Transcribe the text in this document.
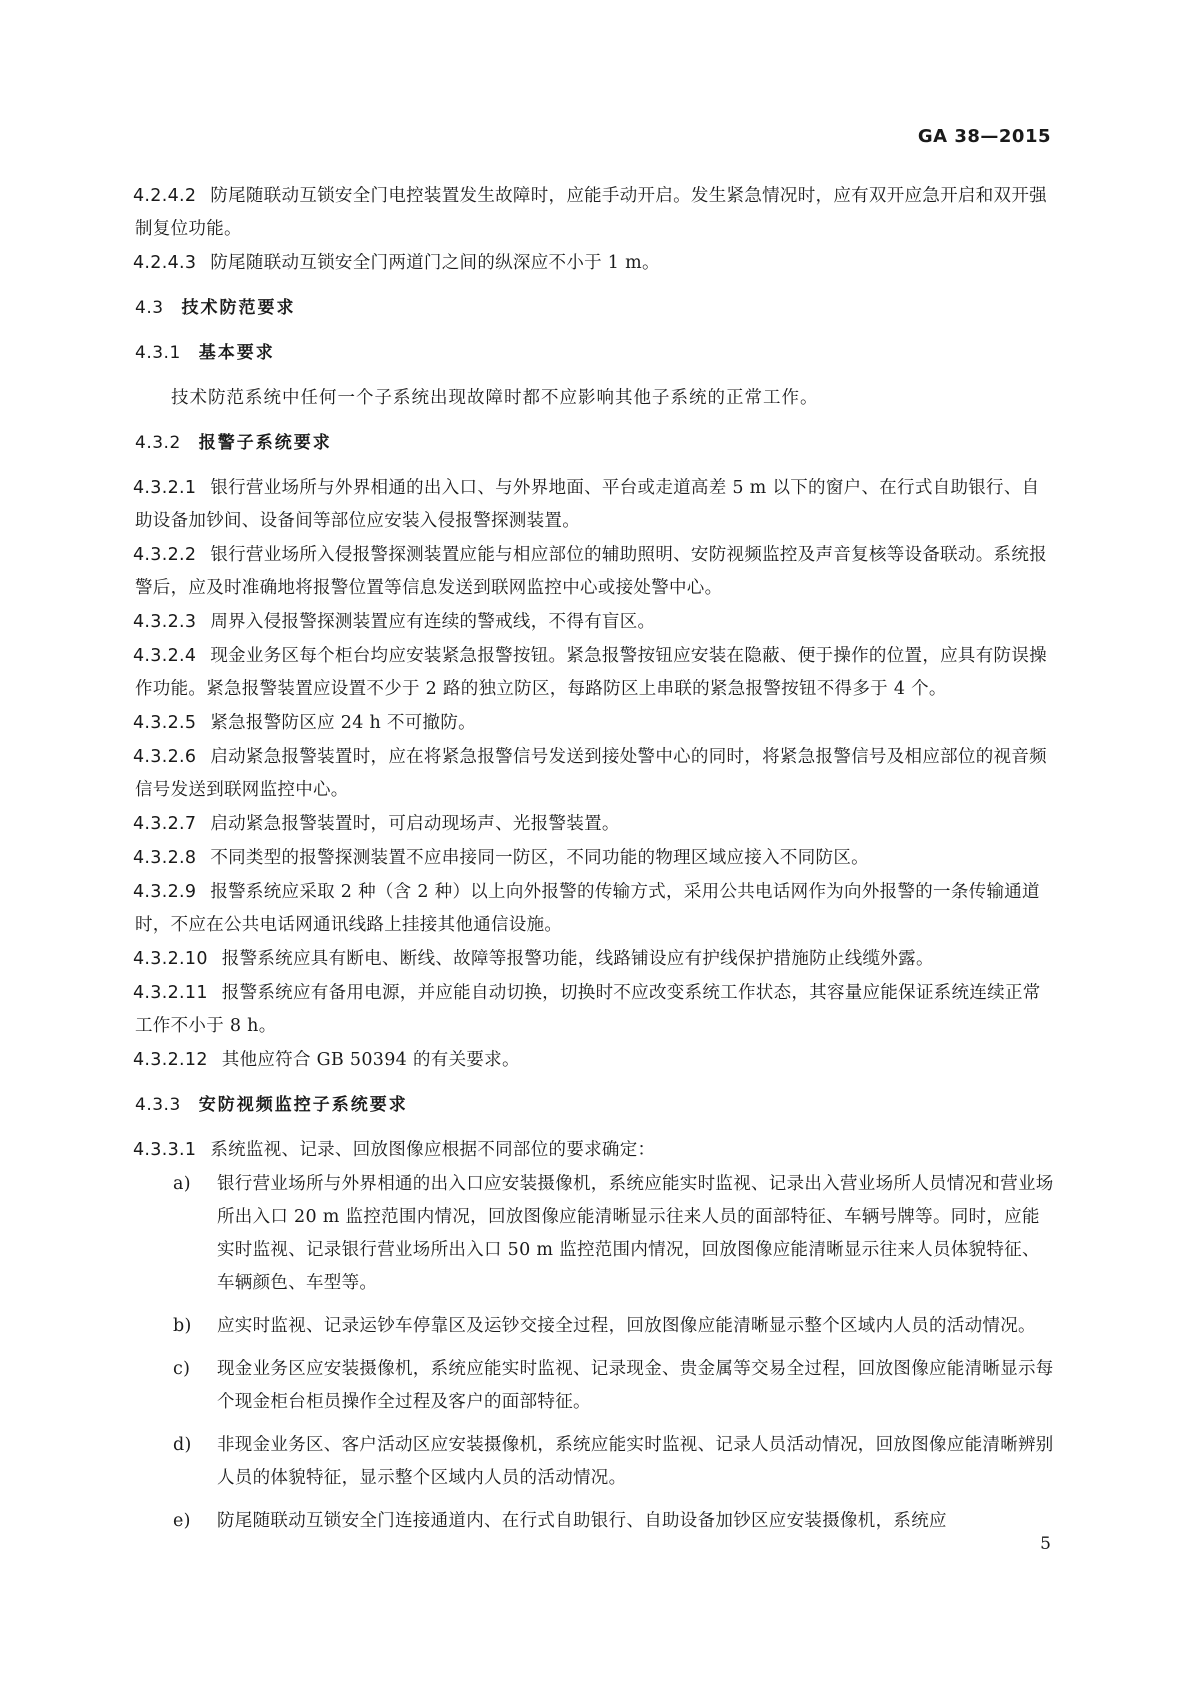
GA 38—2015

4.2.4.2 防尾随联动互锁安全门电控装置发生故障时，应能手动开启。发生紧急情况时，应有双开应急开启和双开强制复位功能。

4.2.4.3 防尾随联动互锁安全门两道门之间的纵深应不小于 1 m。

4.3 技术防范要求
4.3.1 基本要求

技术防范系统中任何一个子系统出现故障时都不应影响其他子系统的正常工作。

4.3.2 报警子系统要求

4.3.2.1 银行营业场所与外界相通的出入口、与外界地面、平台或走道高差 5 m 以下的窗户、在行式自助银行、自助设备加钞间、设备间等部位应安装入侵报警探测装置。

4.3.2.2 银行营业场所入侵报警探测装置应能与相应部位的辅助照明、安防视频监控及声音复核等设备联动。系统报警后，应及时准确地将报警位置等信息发送到联网监控中心或接处警中心。

4.3.2.3 周界入侵报警探测装置应有连续的警戒线，不得有盲区。

4.3.2.4 现金业务区每个柜台均应安装紧急报警按钮。紧急报警按钮应安装在隐蔽、便于操作的位置，应具有防误操作功能。紧急报警装置应设置不少于 2 路的独立防区，每路防区上串联的紧急报警按钮不得多于 4 个。

4.3.2.5 紧急报警防区应 24 h 不可撤防。

4.3.2.6 启动紧急报警装置时，应在将紧急报警信号发送到接处警中心的同时，将紧急报警信号及相应部位的视音频信号发送到联网监控中心。

4.3.2.7 启动紧急报警装置时，可启动现场声、光报警装置。

4.3.2.8 不同类型的报警探测装置不应串接同一防区，不同功能的物理区域应接入不同防区。

4.3.2.9 报警系统应采取 2 种（含 2 种）以上向外报警的传输方式，采用公共电话网作为向外报警的一条传输通道时，不应在公共电话网通讯线路上挂接其他通信设施。

4.3.2.10 报警系统应具有断电、断线、故障等报警功能，线路铺设应有护线保护措施防止线缆外露。

4.3.2.11 报警系统应有备用电源，并应能自动切换，切换时不应改变系统工作状态，其容量应能保证系统连续正常工作不小于 8 h。

4.3.2.12 其他应符合 GB 50394 的有关要求。

4.3.3 安防视频监控子系统要求

4.3.3.1 系统监视、记录、回放图像应根据不同部位的要求确定：

a) 银行营业场所与外界相通的出入口应安装摄像机，系统应能实时监视、记录出入营业场所人员情况和营业场所出入口 20 m 监控范围内情况，回放图像应能清晰显示往来人员的面部特征、车辆号牌等。同时，应能实时监视、记录银行营业场所出入口 50 m 监控范围内情况，回放图像应能清晰显示往来人员体貌特征、车辆颜色、车型等。
b) 应实时监视、记录运钞车停靠区及运钞交接全过程，回放图像应能清晰显示整个区域内人员的活动情况。
c) 现金业务区应安装摄像机，系统应能实时监视、记录现金、贵金属等交易全过程，回放图像应能清晰显示每个现金柜台柜员操作全过程及客户的面部特征。
d) 非现金业务区、客户活动区应安装摄像机，系统应能实时监视、记录人员活动情况，回放图像应能清晰辨别人员的体貌特征，显示整个区域内人员的活动情况。
e) 防尾随联动互锁安全门连接通道内、在行式自助银行、自助设备加钞区应安装摄像机，系统应
5
